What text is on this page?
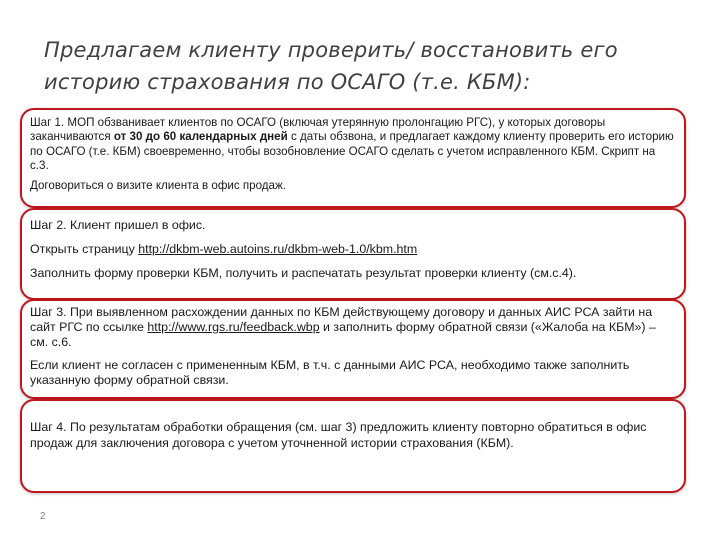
Предлагаем клиенту проверить/ восстановить его историю страхования по ОСАГО (т.е. КБМ):

Шаг 1. МОП обзванивает клиентов по ОСАГО (включая утерянную пролонгацию РГС), у которых договоры заканчиваются от 30 до 60 календарных дней с даты обзвона, и предлагает каждому клиенту проверить его историю по ОСАГО (т.е. КБМ) своевременно, чтобы возобновление ОСАГО сделать с учетом исправленного КБМ. Скрипт на с.3.

Договориться о визите клиента в офис продаж.

Шаг 2. Клиент пришел в офис.

Открыть страницу http://dkbm-web.autoins.ru/dkbm-web-1.0/kbm.htm

Заполнить форму проверки КБМ, получить и распечатать результат проверки клиенту (см.с.4).

Шаг 3. При выявленном расхождении данных по КБМ действующему договору и данных АИС РСА зайти на сайт РГС по ссылке http://www.rgs.ru/feedback.wbp и заполнить форму обратной связи («Жалоба на КБМ») – см. с.6.

Если клиент не согласен с примененным КБМ, в т.ч. с данными АИС РСА, необходимо также заполнить указанную форму обратной связи.

Шаг 4. По результатам обработки обращения (см. шаг 3) предложить клиенту повторно обратиться в офис продаж для заключения договора с учетом уточненной истории страхования (КБМ).

2
